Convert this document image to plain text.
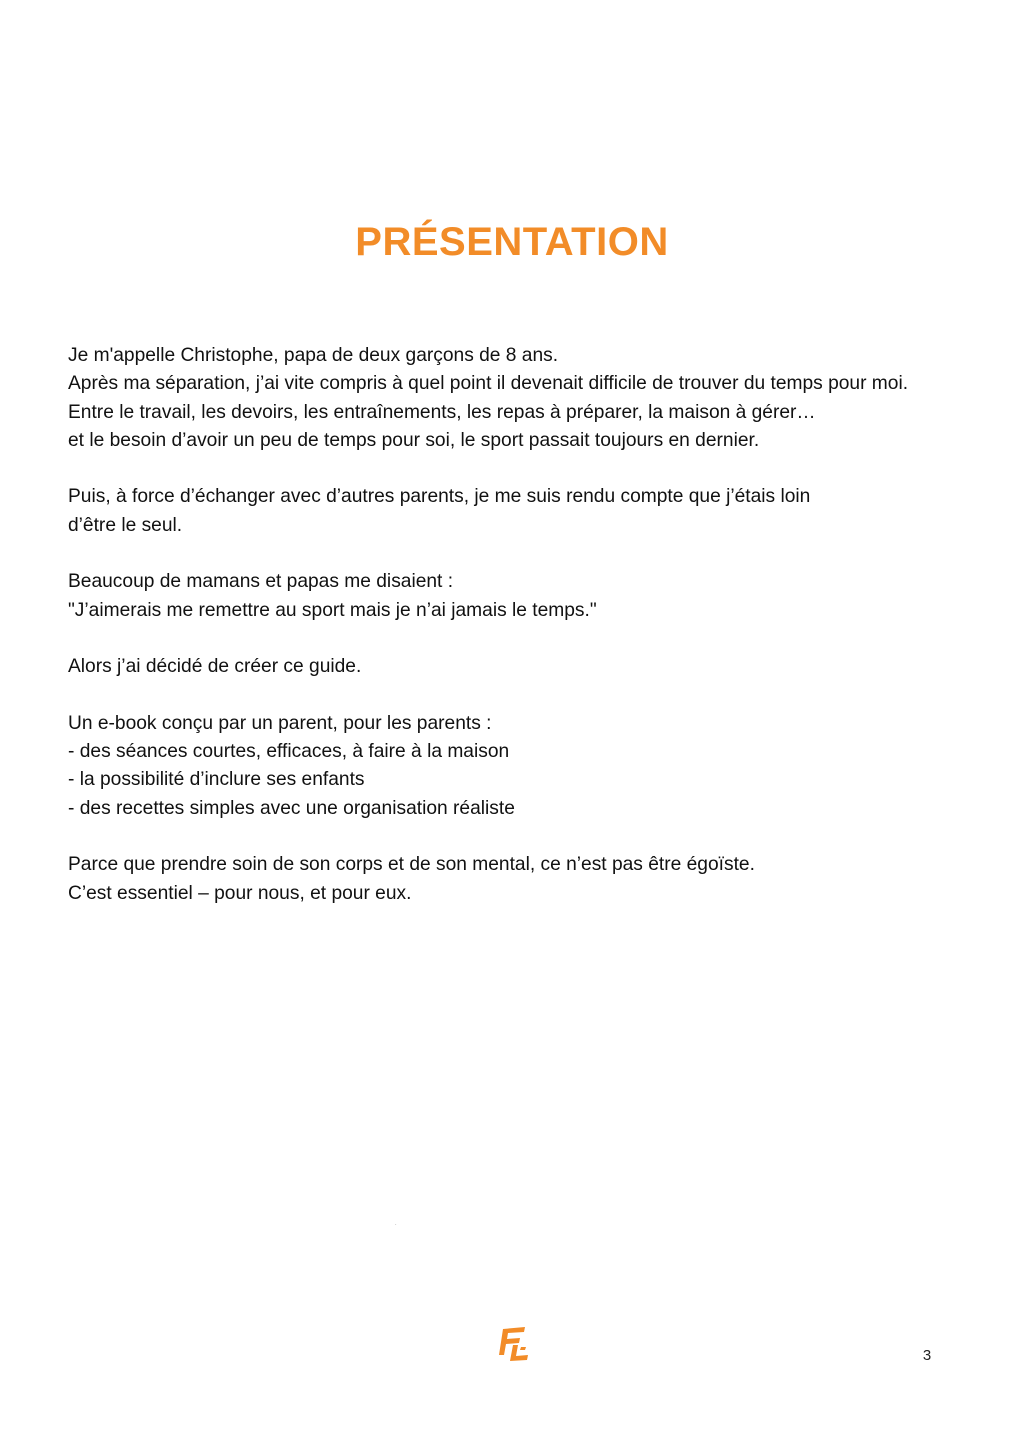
PRÉSENTATION

Je m'appelle Christophe, papa de deux garçons de 8 ans.
Après ma séparation, j’ai vite compris à quel point il devenait difficile de trouver du temps pour moi.
Entre le travail, les devoirs, les entraînements, les repas à préparer, la maison à gérer…
et le besoin d’avoir un peu de temps pour soi, le sport passait toujours en dernier.

Puis, à force d’échanger avec d’autres parents, je me suis rendu compte que j’étais loin
d’être le seul.

Beaucoup de mamans et papas me disaient :
"J’aimerais me remettre au sport mais je n’ai jamais le temps."

Alors j’ai décidé de créer ce guide.

Un e-book conçu par un parent, pour les parents :
- des séances courtes, efficaces, à faire à la maison
- la possibilité d’inclure ses enfants
- des recettes simples avec une organisation réaliste

Parce que prendre soin de son corps et de son mental, ce n’est pas être égoïste.
C’est essentiel – pour nous, et pour eux.

FL
3
